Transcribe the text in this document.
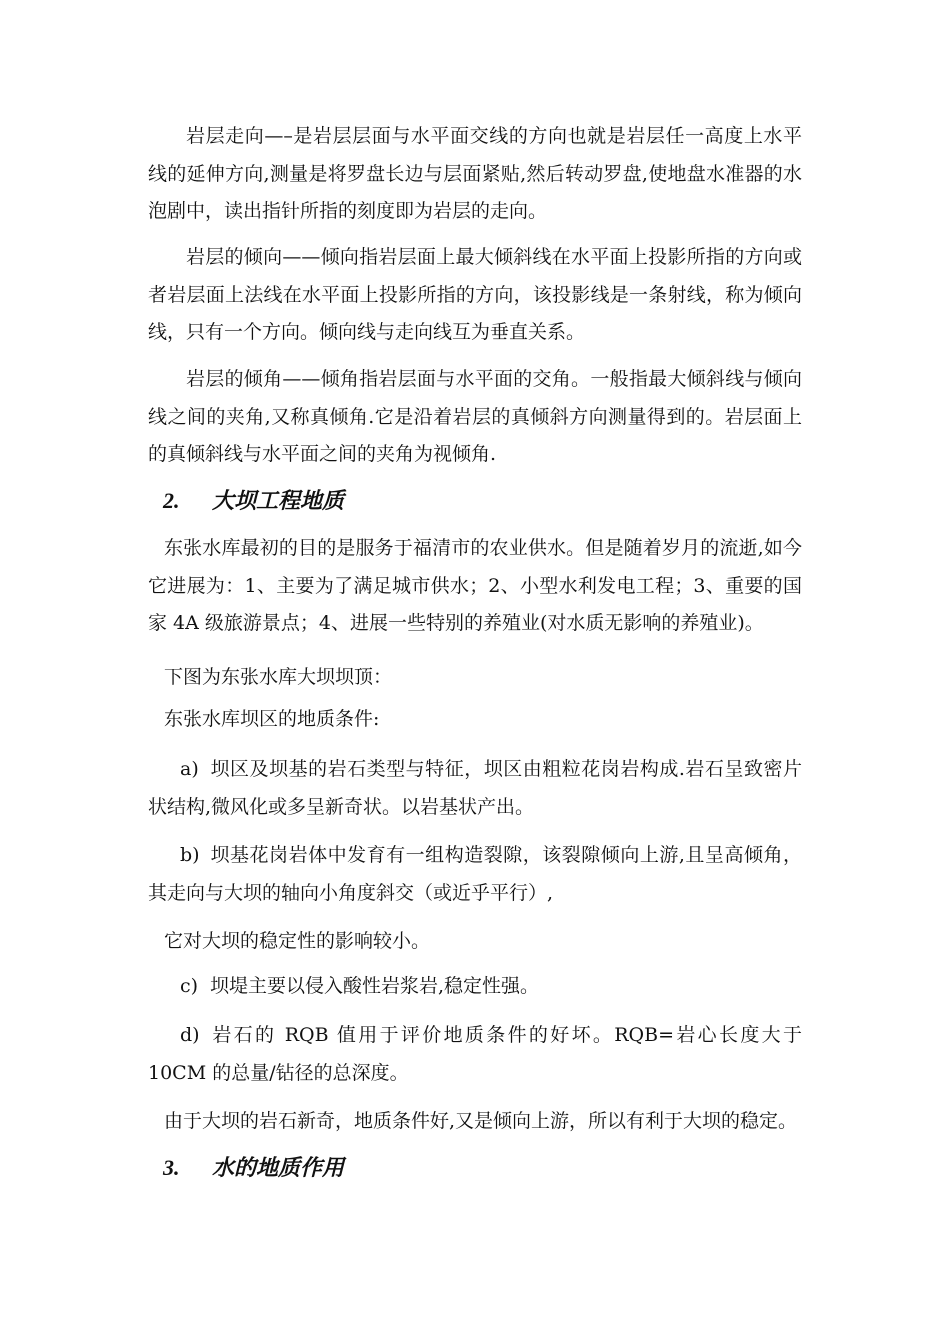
岩层走向—–是岩层层面与水平面交线的方向也就是岩层任一高度上水平线的延伸方向,测量是将罗盘长边与层面紧贴,然后转动罗盘,使地盘水准器的水泡剧中，读出指针所指的刻度即为岩层的走向。

岩层的倾向——倾向指岩层面上最大倾斜线在水平面上投影所指的方向或者岩层面上法线在水平面上投影所指的方向，该投影线是一条射线，称为倾向线，只有一个方向。倾向线与走向线互为垂直关系。

岩层的倾角——倾角指岩层面与水平面的交角。一般指最大倾斜线与倾向线之间的夹角,又称真倾角.它是沿着岩层的真倾斜方向测量得到的。岩层面上的真倾斜线与水平面之间的夹角为视倾角.

2. 大坝工程地质

东张水库最初的目的是服务于福清市的农业供水。但是随着岁月的流逝,如今它进展为：1、主要为了满足城市供水；2、小型水利发电工程；3、重要的国家 4A 级旅游景点；4、进展一些特别的养殖业(对水质无影响的养殖业)。

下图为东张水库大坝坝顶：

东张水库坝区的地质条件:

a) 坝区及坝基的岩石类型与特征，坝区由粗粒花岗岩构成.岩石呈致密片状结构,微风化或多呈新奇状。以岩基状产出。

b) 坝基花岗岩体中发育有一组构造裂隙，该裂隙倾向上游,且呈高倾角，其走向与大坝的轴向小角度斜交（或近乎平行）,

它对大坝的稳定性的影响较小。

c) 坝堤主要以侵入酸性岩浆岩,稳定性强。

d) 岩石的 RQB 值用于评价地质条件的好坏。RQB=岩心长度大于 10CM 的总量/钻径的总深度。

由于大坝的岩石新奇，地质条件好,又是倾向上游，所以有利于大坝的稳定。

3. 水的地质作用
